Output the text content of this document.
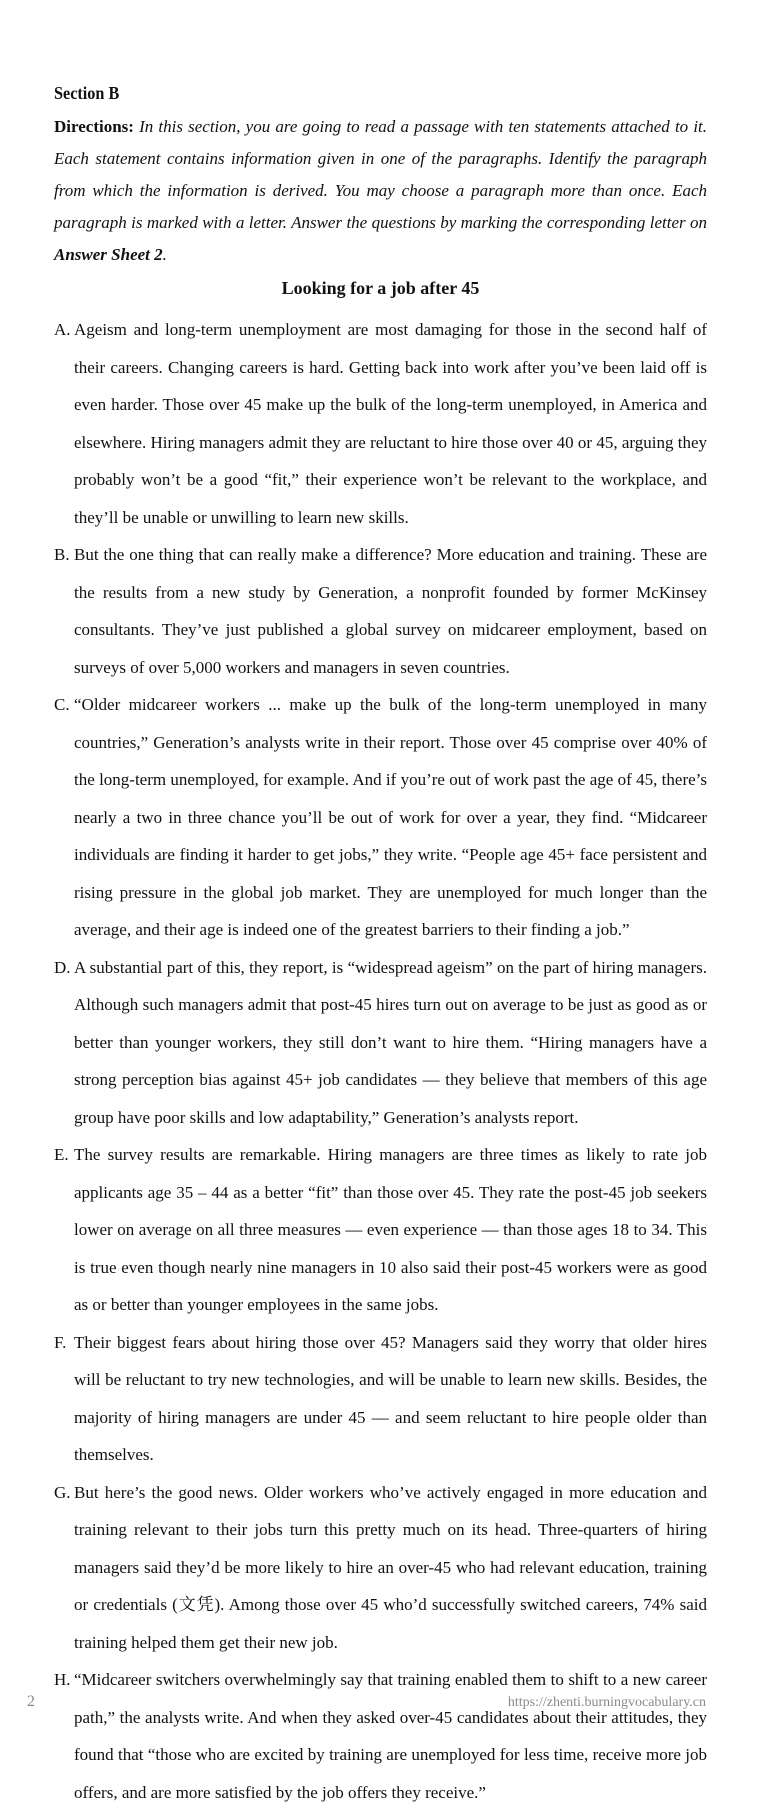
Section B

Directions: In this section, you are going to read a passage with ten statements attached to it. Each statement contains information given in one of the paragraphs. Identify the paragraph from which the information is derived. You may choose a paragraph more than once. Each paragraph is marked with a letter. Answer the questions by marking the corresponding letter on Answer Sheet 2.

Looking for a job after 45

A. Ageism and long-term unemployment are most damaging for those in the second half of their careers. Changing careers is hard. Getting back into work after you’ve been laid off is even harder. Those over 45 make up the bulk of the long-term unemployed, in America and elsewhere. Hiring managers admit they are reluctant to hire those over 40 or 45, arguing they probably won’t be a good “fit,” their experience won’t be relevant to the workplace, and they’ll be unable or unwilling to learn new skills.

B. But the one thing that can really make a difference? More education and training. These are the results from a new study by Generation, a nonprofit founded by former McKinsey consultants. They’ve just published a global survey on midcareer employment, based on surveys of over 5,000 workers and managers in seven countries.

C. “Older midcareer workers ... make up the bulk of the long-term unemployed in many countries,” Generation’s analysts write in their report. Those over 45 comprise over 40% of the long-term unemployed, for example. And if you’re out of work past the age of 45, there’s nearly a two in three chance you’ll be out of work for over a year, they find. “Midcareer individuals are finding it harder to get jobs,” they write. “People age 45+ face persistent and rising pressure in the global job market. They are unemployed for much longer than the average, and their age is indeed one of the greatest barriers to their finding a job.”

D. A substantial part of this, they report, is “widespread ageism” on the part of hiring managers. Although such managers admit that post-45 hires turn out on average to be just as good as or better than younger workers, they still don’t want to hire them. “Hiring managers have a strong perception bias against 45+ job candidates — they believe that members of this age group have poor skills and low adaptability,” Generation’s analysts report.

E. The survey results are remarkable. Hiring managers are three times as likely to rate job applicants age 35 – 44 as a better “fit” than those over 45. They rate the post-45 job seekers lower on average on all three measures — even experience — than those ages 18 to 34. This is true even though nearly nine managers in 10 also said their post-45 workers were as good as or better than younger employees in the same jobs.

F. Their biggest fears about hiring those over 45? Managers said they worry that older hires will be reluctant to try new technologies, and will be unable to learn new skills. Besides, the majority of hiring managers are under 45 — and seem reluctant to hire people older than themselves.

G. But here’s the good news. Older workers who’ve actively engaged in more education and training relevant to their jobs turn this pretty much on its head. Three-quarters of hiring managers said they’d be more likely to hire an over-45 who had relevant education, training or credentials (文凭). Among those over 45 who’d successfully switched careers, 74% said training helped them get their new job.

H. “Midcareer switchers overwhelmingly say that training enabled them to shift to a new career path,” the analysts write. And when they asked over-45 candidates about their attitudes, they found that “those who are excited by training are unemployed for less time, receive more job offers, and are more satisfied by the job offers they receive.”

2	https://zhenti.burningvocabulary.cn
